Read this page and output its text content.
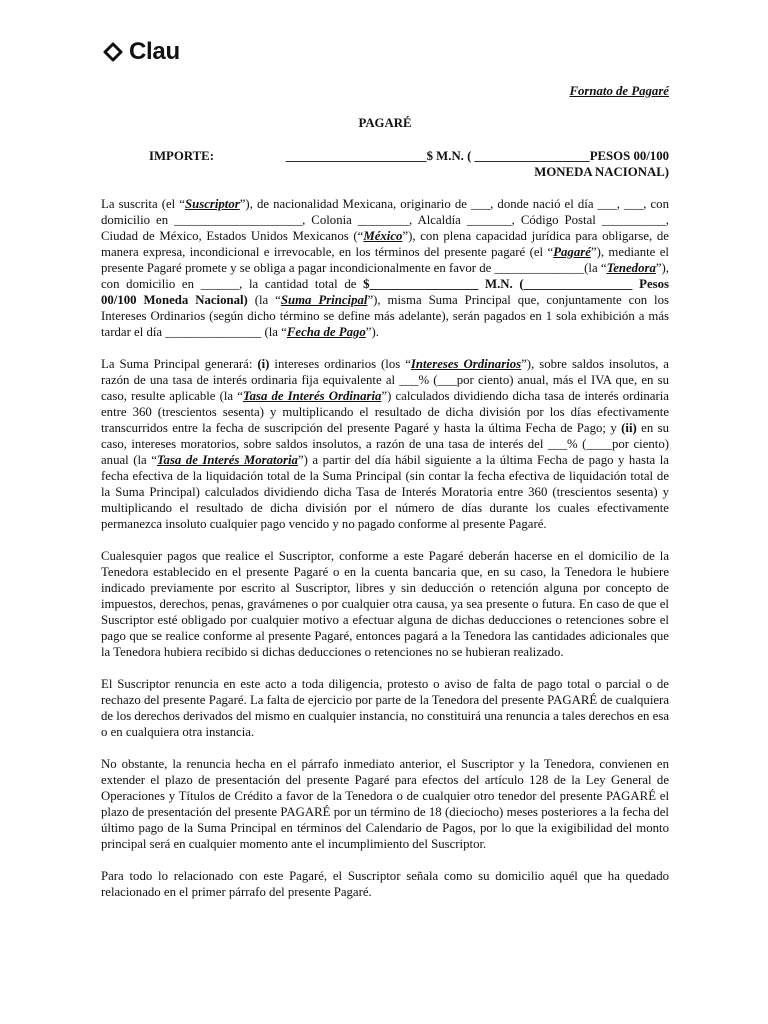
Clau
Fornato de Pagaré
PAGARÉ
IMPORTE:	______________________$ M.N. ( __________________PESOS 00/100 MONEDA NACIONAL)

La suscrita (el “Suscriptor”), de nacionalidad Mexicana, originario de ___, donde nació el día ___, ___, con domicilio en ____________________, Colonia ________, Alcaldía _______, Código Postal __________, Ciudad de México, Estados Unidos Mexicanos (“México”), con plena capacidad jurídica para obligarse, de manera expresa, incondicional e irrevocable, en los términos del presente pagaré (el “Pagaré”), mediante el presente Pagaré promete y se obliga a pagar incondicionalmente en favor de ______________(la “Tenedora”), con domicilio en ______, la cantidad total de $_________________ M.N. (_________________ Pesos 00/100 Moneda Nacional) (la “Suma Principal”), misma Suma Principal que, conjuntamente con los Intereses Ordinarios (según dicho término se define más adelante), serán pagados en 1 sola exhibición a más tardar el día _______________ (la “Fecha de Pago”).

La Suma Principal generará: (i) intereses ordinarios (los “Intereses Ordinarios”), sobre saldos insolutos, a razón de una tasa de interés ordinaria fija equivalente al ___% (___por ciento) anual, más el IVA que, en su caso, resulte aplicable (la “Tasa de Interés Ordinaria”) calculados dividiendo dicha tasa de interés ordinaria entre 360 (trescientos sesenta) y multiplicando el resultado de dicha división por los días efectivamente transcurridos entre la fecha de suscripción del presente Pagaré y hasta la última Fecha de Pago; y (ii) en su caso, intereses moratorios, sobre saldos insolutos, a razón de una tasa de interés del ___% (____por ciento) anual (la “Tasa de Interés Moratoria”) a partir del día hábil siguiente a la última Fecha de pago y hasta la fecha efectiva de la liquidación total de la Suma Principal (sin contar la fecha efectiva de liquidación total de la Suma Principal) calculados dividiendo dicha Tasa de Interés Moratoria entre 360 (trescientos sesenta) y multiplicando el resultado de dicha división por el número de días durante los cuales efectivamente permanezca insoluto cualquier pago vencido y no pagado conforme al presente Pagaré.

Cualesquier pagos que realice el Suscriptor, conforme a este Pagaré deberán hacerse en el domicilio de la Tenedora establecido en el presente Pagaré o en la cuenta bancaria que, en su caso, la Tenedora le hubiere indicado previamente por escrito al Suscriptor, libres y sin deducción o retención alguna por concepto de impuestos, derechos, penas, gravámenes o por cualquier otra causa, ya sea presente o futura. En caso de que el Suscriptor esté obligado por cualquier motivo a efectuar alguna de dichas deducciones o retenciones sobre el pago que se realice conforme al presente Pagaré, entonces pagará a la Tenedora las cantidades adicionales que la Tenedora hubiera recibido si dichas deducciones o retenciones no se hubieran realizado.

El Suscriptor renuncia en este acto a toda diligencia, protesto o aviso de falta de pago total o parcial o de rechazo del presente Pagaré. La falta de ejercicio por parte de la Tenedora del presente PAGARÉ de cualquiera de los derechos derivados del mismo en cualquier instancia, no constituirá una renuncia a tales derechos en esa o en cualquiera otra instancia.

No obstante, la renuncia hecha en el párrafo inmediato anterior, el Suscriptor y la Tenedora, convienen en extender el plazo de presentación del presente Pagaré para efectos del artículo 128 de la Ley General de Operaciones y Títulos de Crédito a favor de la Tenedora o de cualquier otro tenedor del presente PAGARÉ el plazo de presentación del presente PAGARÉ por un término de 18 (dieciocho) meses posteriores a la fecha del último pago de la Suma Principal en términos del Calendario de Pagos, por lo que la exigibilidad del monto principal será en cualquier momento ante el incumplimiento del Suscriptor.

Para todo lo relacionado con este Pagaré, el Suscriptor señala como su domicilio aquél que ha quedado relacionado en el primer párrafo del presente Pagaré.
